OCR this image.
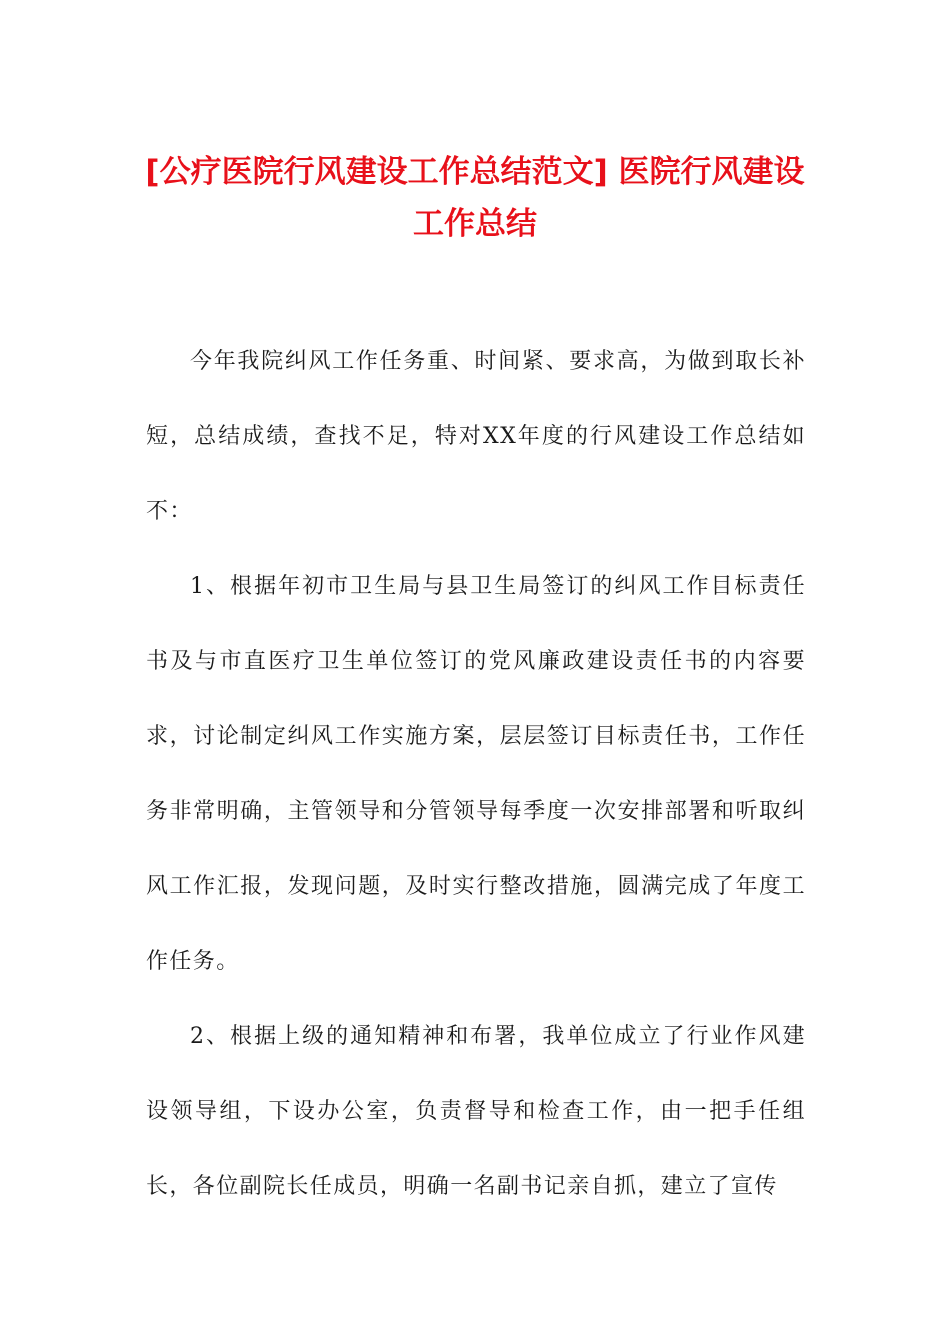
[公疗医院行风建设工作总结范文] 医院行风建设工作总结

今年我院纠风工作任务重、时间紧、要求高，为做到取长补短，总结成绩，查找不足，特对XX年度的行风建设工作总结如不：

1、根据年初市卫生局与县卫生局签订的纠风工作目标责任书及与市直医疗卫生单位签订的党风廉政建设责任书的内容要求，讨论制定纠风工作实施方案，层层签订目标责任书，工作任务非常明确，主管领导和分管领导每季度一次安排部署和听取纠风工作汇报，发现问题，及时实行整改措施，圆满完成了年度工作任务。

2、根据上级的通知精神和布署，我单位成立了行业作风建设领导组，下设办公室，负责督导和检查工作，由一把手任组长，各位副院长任成员，明确一名副书记亲自抓，建立了宣传
